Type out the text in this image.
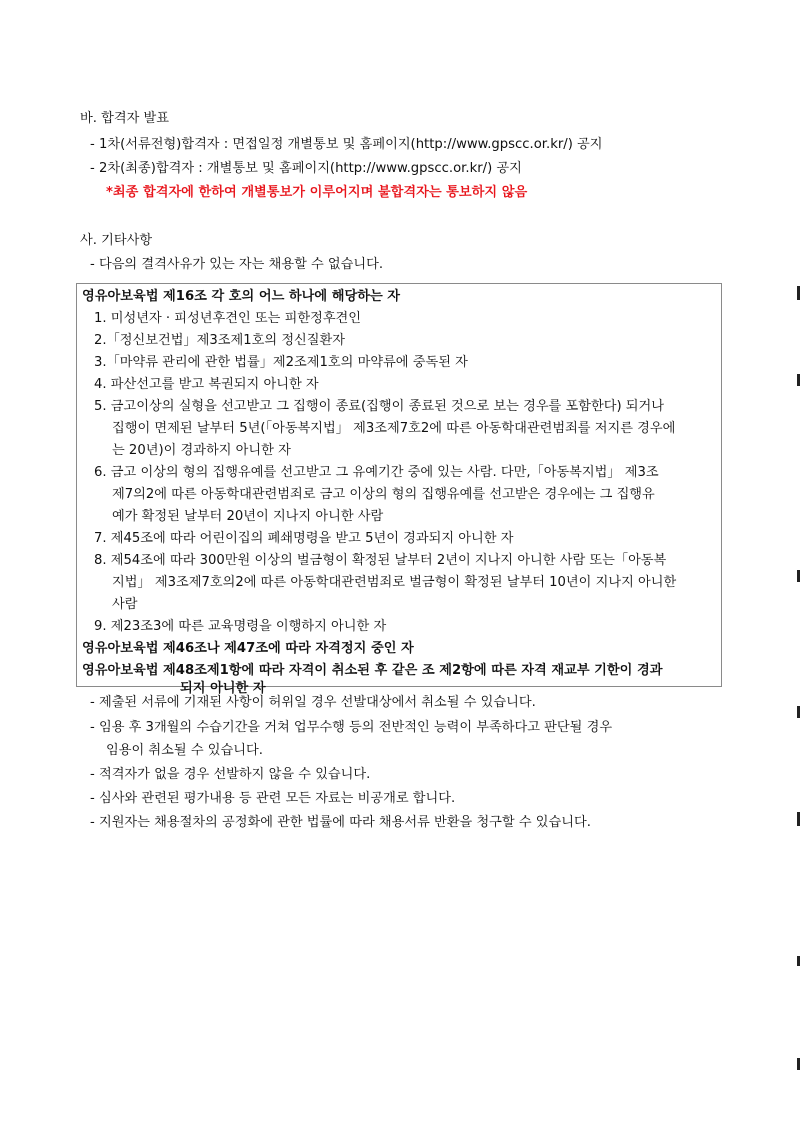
바. 합격자 발표
- 1차(서류전형)합격자 : 면접일정 개별통보 및 홈페이지(http://www.gpscc.or.kr/) 공지
- 2차(최종)합격자 : 개별통보 및 홈페이지(http://www.gpscc.or.kr/) 공지
*최종 합격자에 한하여 개별통보가 이루어지며 불합격자는 통보하지 않음
사. 기타사항
- 다음의 결격사유가 있는 자는 채용할 수 없습니다.
영유아보육법 제16조 각 호의 어느 하나에 해당하는 자
1. 미성년자 · 피성년후견인 또는 피한정후견인
2.「정신보건법」제3조제1호의 정신질환자
3.「마약류 관리에 관한 법률」제2조제1호의 마약류에 중독된 자
4. 파산선고를 받고 복권되지 아니한 자
5. 금고이상의 실형을 선고받고 그 집행이 종료(집행이 종료된 것으로 보는 경우를 포함한다) 되거나
집행이 면제된 날부터 5년(「아동복지법」 제3조제7호2에 따른 아동학대관련범죄를 저지른 경우에
는 20년)이 경과하지 아니한 자
6. 금고 이상의 형의 집행유예를 선고받고 그 유예기간 중에 있는 사람. 다만,「아동복지법」 제3조
제7의2에 따른 아동학대관련범죄로 금고 이상의 형의 집행유예를 선고받은 경우에는 그 집행유
예가 확정된 날부터 20년이 지나지 아니한 사람
7. 제45조에 따라 어린이집의 폐쇄명령을 받고 5년이 경과되지 아니한 자
8. 제54조에 따라 300만원 이상의 벌금형이 확정된 날부터 2년이 지나지 아니한 사람 또는「아동복
지법」 제3조제7호의2에 따른 아동학대관련범죄로 벌금형이 확정된 날부터 10년이 지나지 아니한
사람
9. 제23조3에 따른 교육명령을 이행하지 아니한 자
영유아보육법 제46조나 제47조에 따라 자격정지 중인 자
영유아보육법 제48조제1항에 따라 자격이 취소된 후 같은 조 제2항에 따른 자격 재교부 기한이 경과
되지 아니한 자
- 제출된 서류에 기재된 사항이 허위일 경우 선발대상에서 취소될 수 있습니다.
- 임용 후 3개월의 수습기간을 거쳐 업무수행 등의 전반적인 능력이 부족하다고 판단될 경우
임용이 취소될 수 있습니다.
- 적격자가 없을 경우 선발하지 않을 수 있습니다.
- 심사와 관련된 평가내용 등 관련 모든 자료는 비공개로 합니다.
- 지원자는 채용절차의 공정화에 관한 법률에 따라 채용서류 반환을 청구할 수 있습니다.
